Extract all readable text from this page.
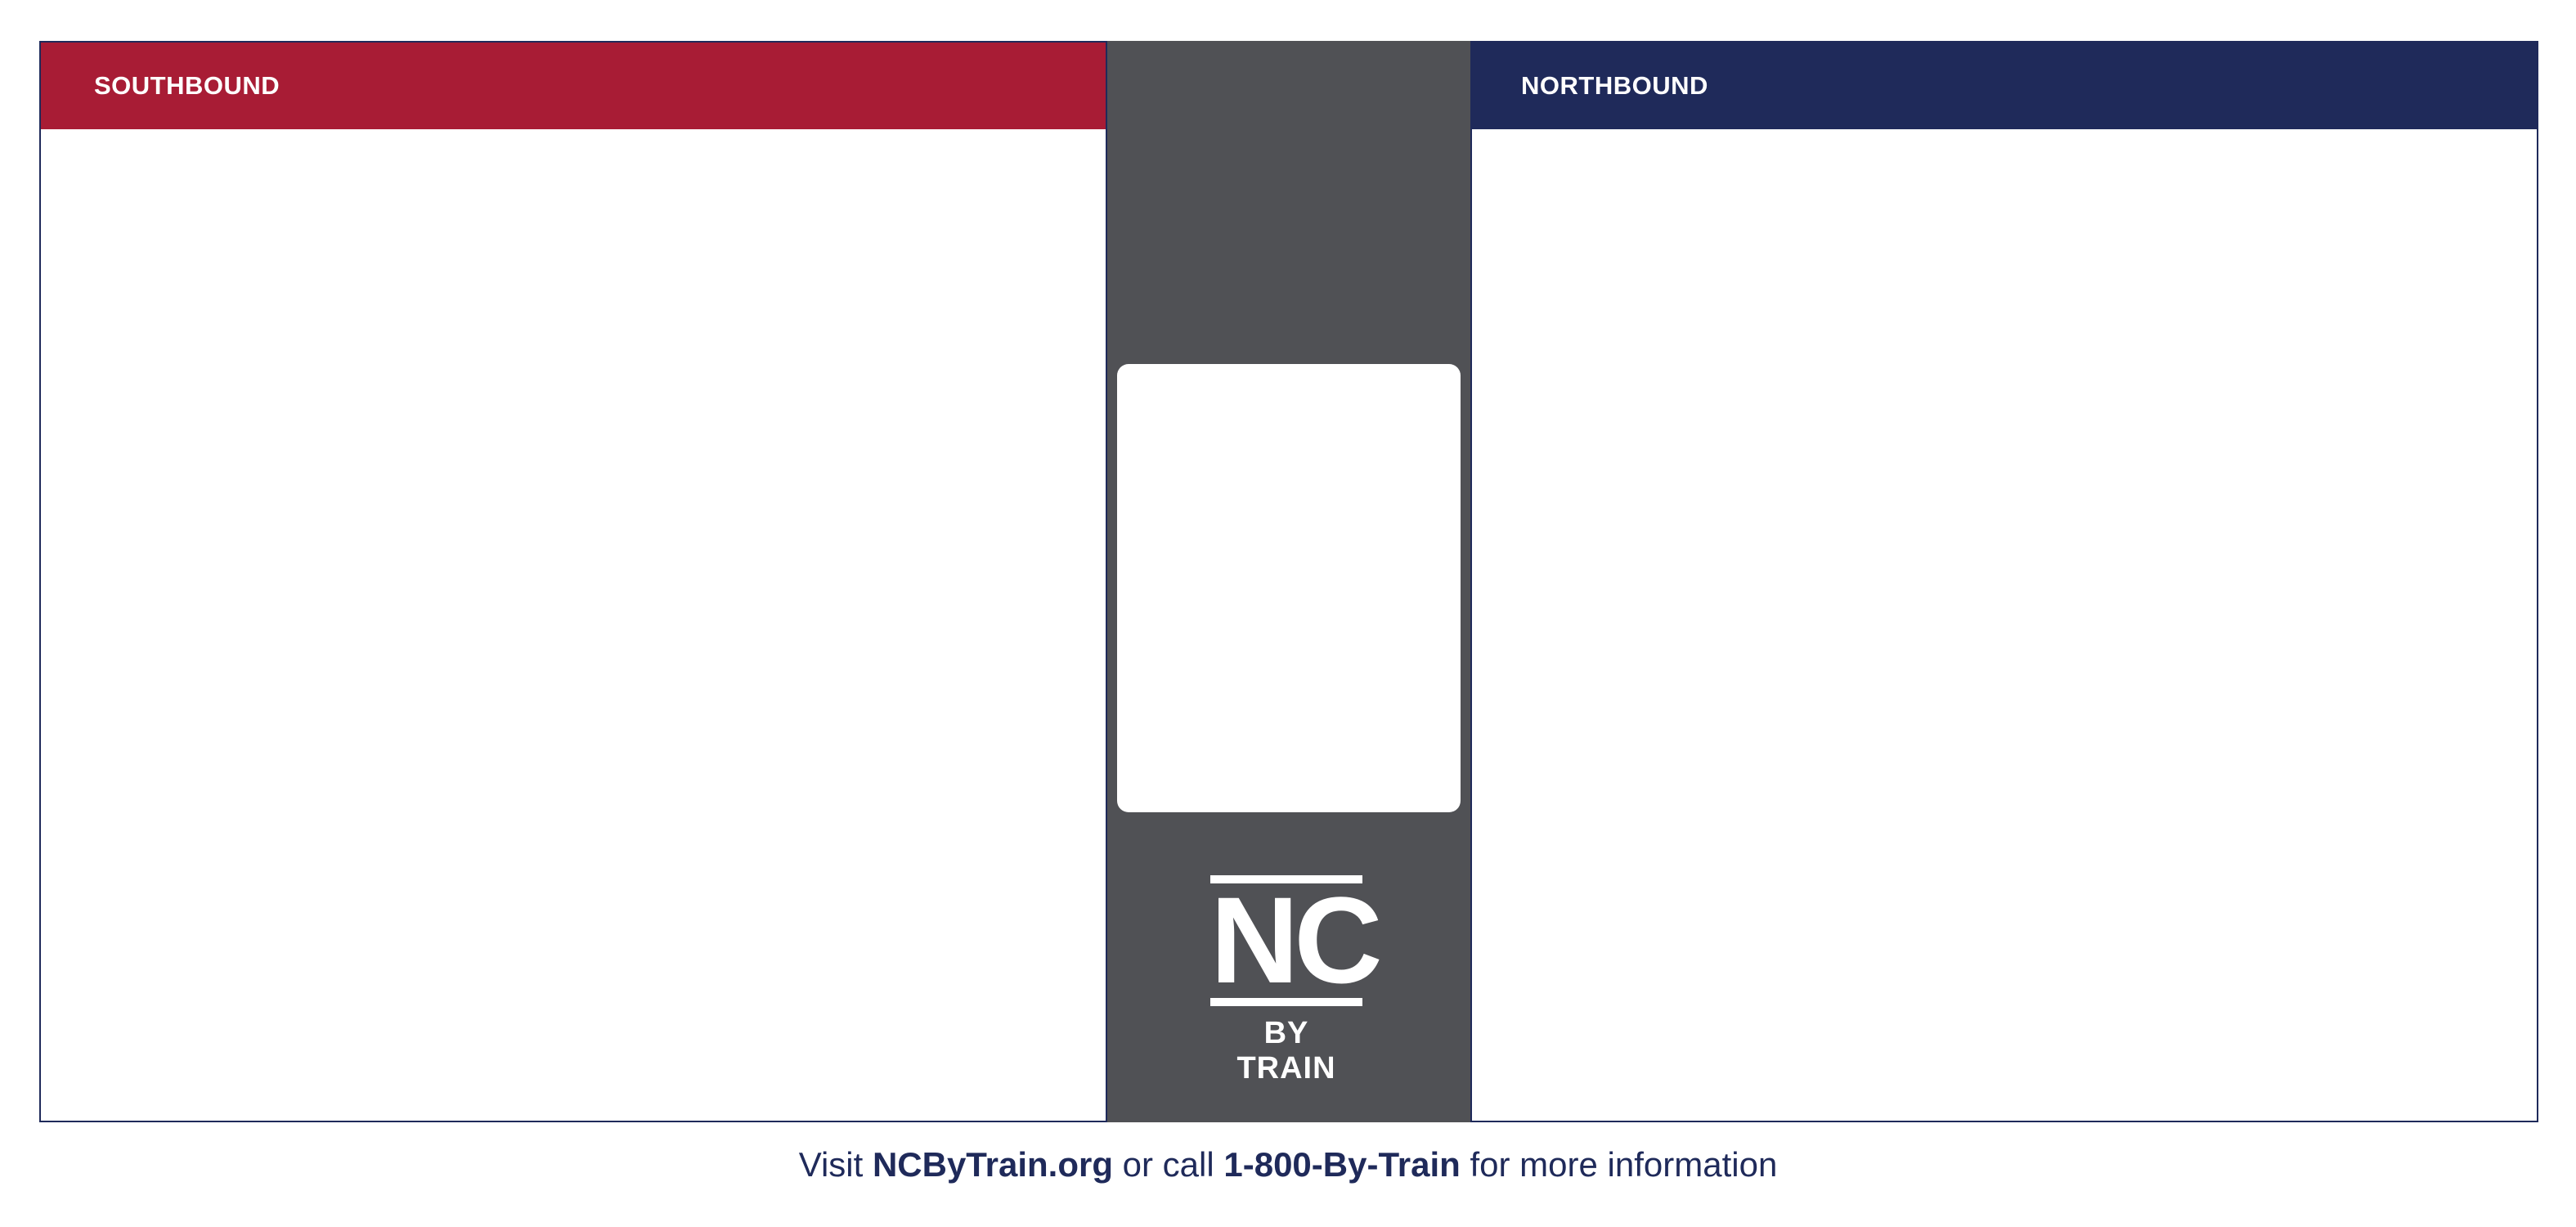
SOUTHBOUND
NC
BY TRAIN
NORTHBOUND
Visit NCByTrain.org or call 1-800-By-Train for more information
